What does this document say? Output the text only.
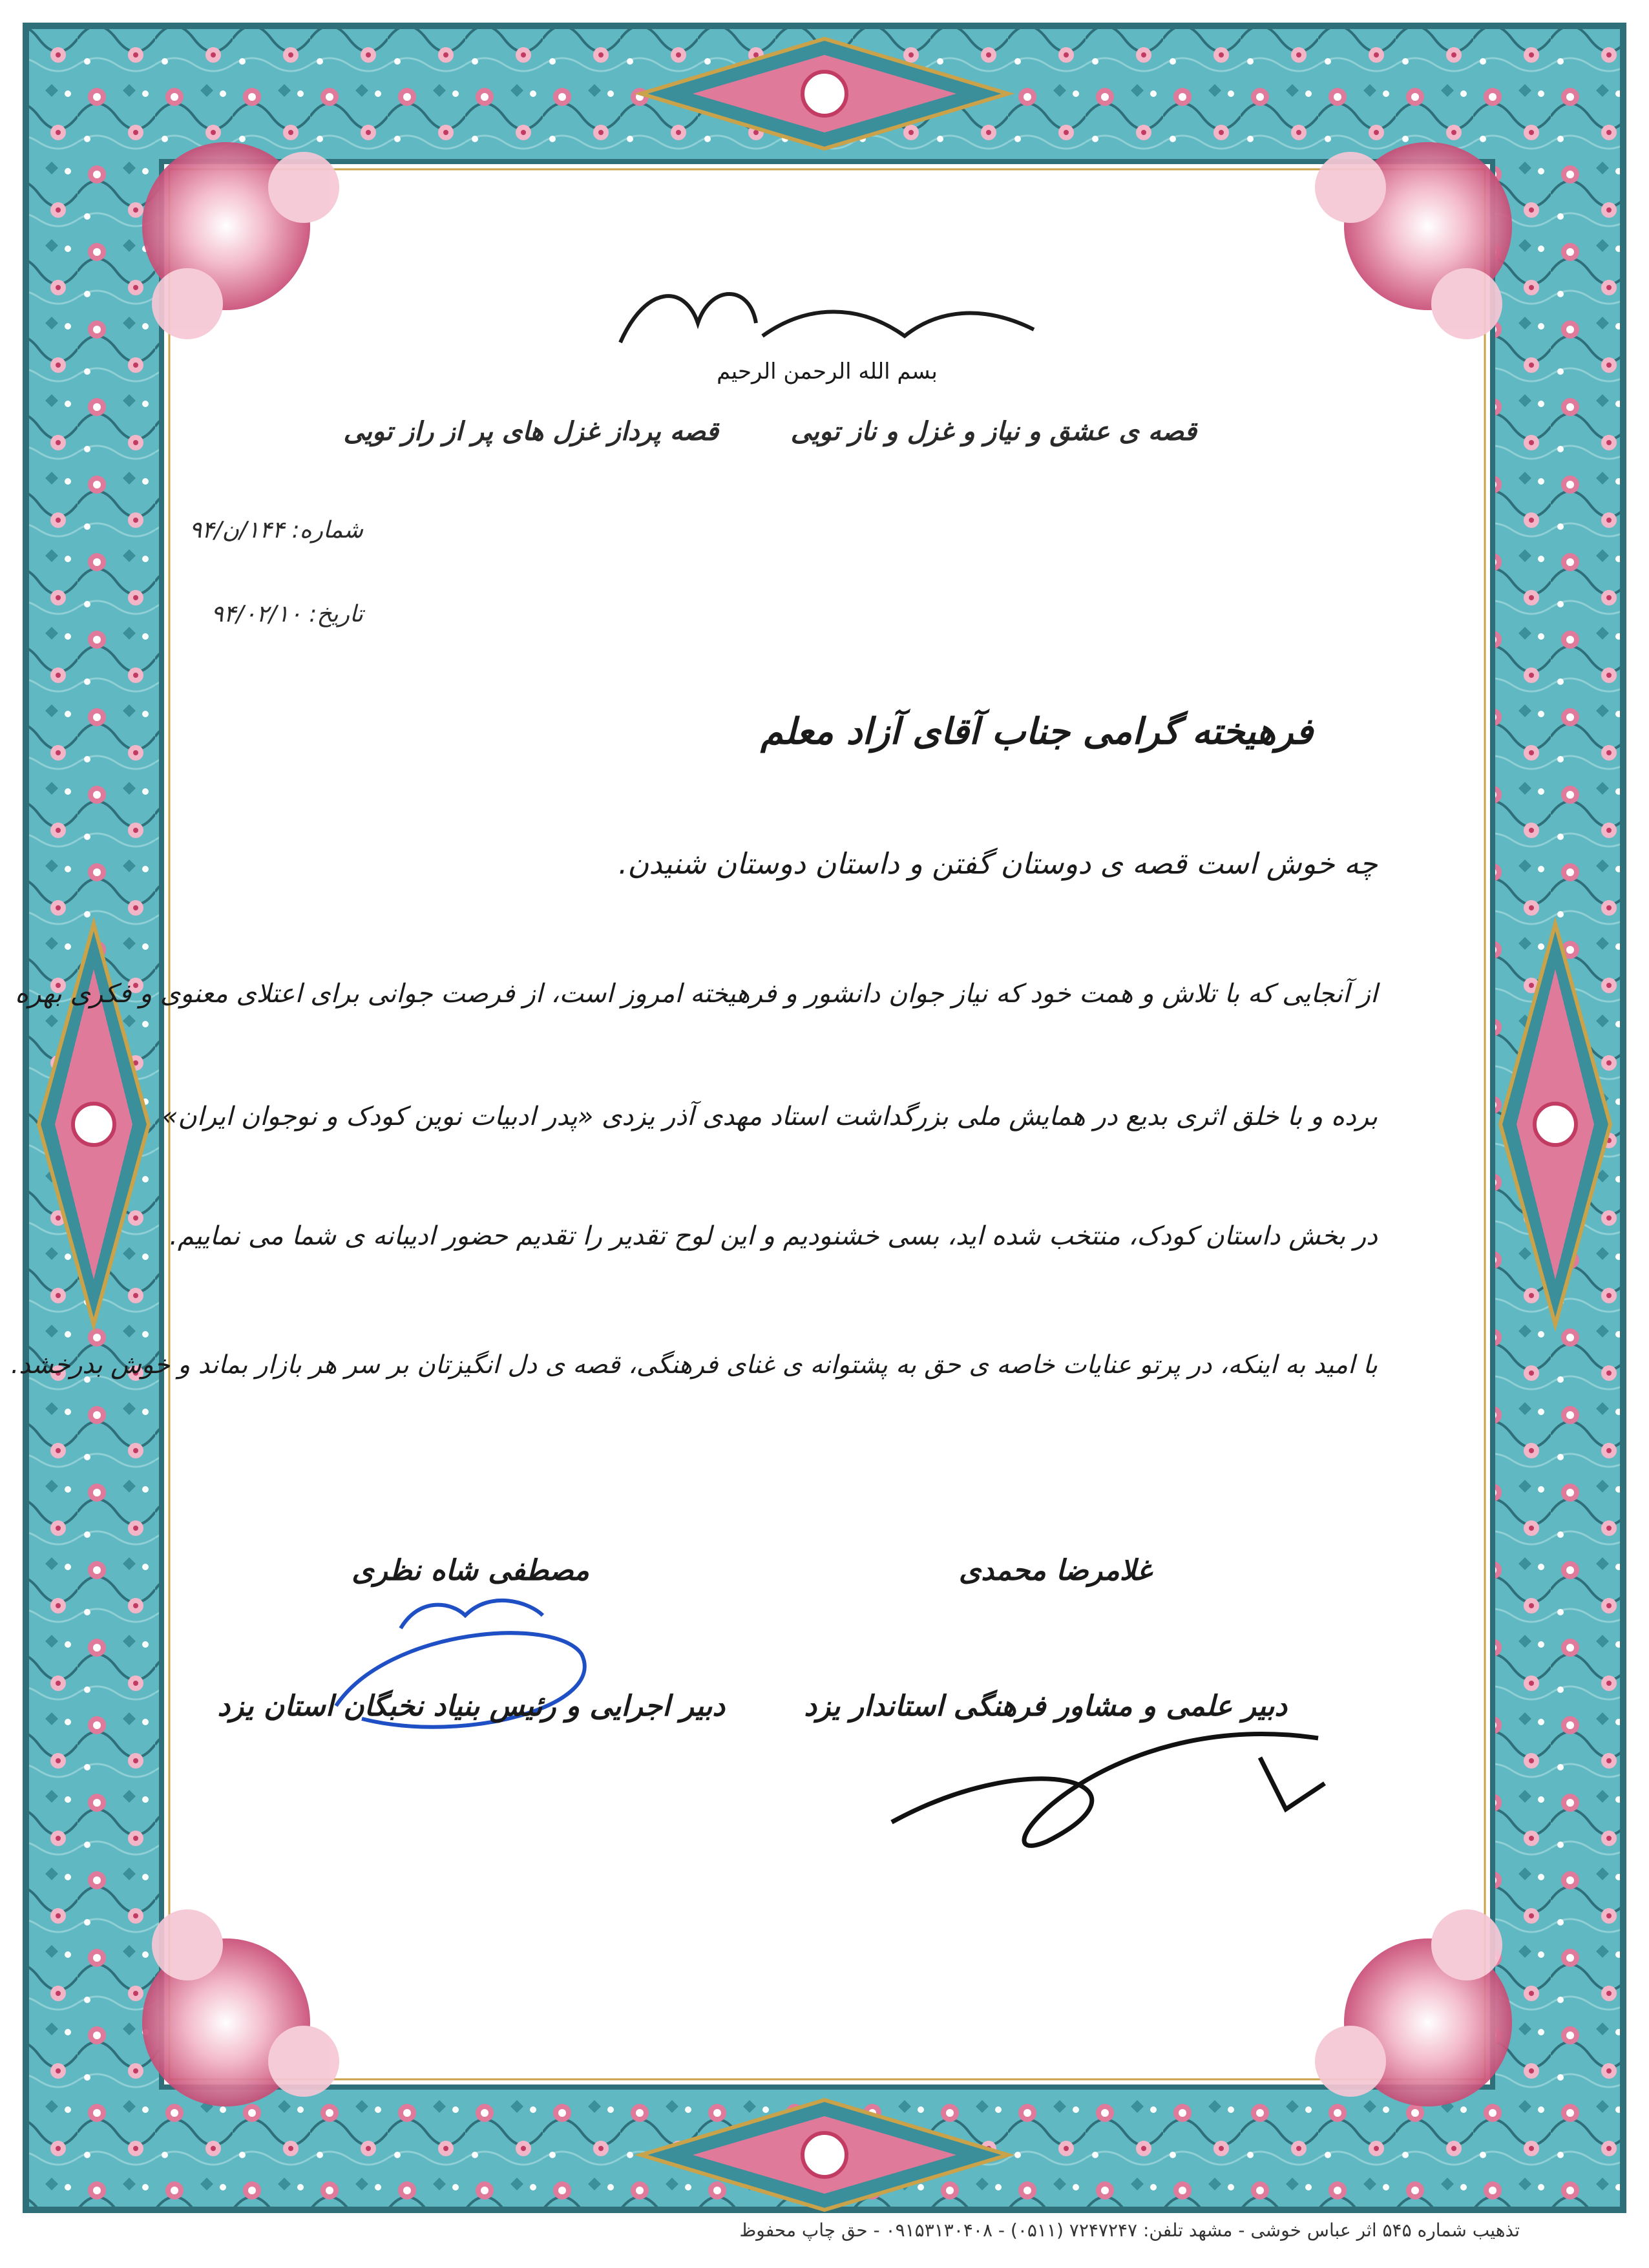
بسم الله الرحمن الرحیم
قصه ی عشق و نیاز و غزل و ناز تویی
قصه پرداز غزل های پر از راز تویی
شماره: ۱۴۴/ن/۹۴
تاریخ: ۹۴/۰۲/۱۰
فرهیخته گرامی جناب آقای آزاد معلم
چه خوش است قصه ی دوستان گفتن و داستان دوستان شنیدن.
از آنجایی که با تلاش و همت خود که نیاز جوان دانشور و فرهیخته امروز است، از فرصت جوانی برای اعتلای معنوی و فکری بهره
برده و با خلق اثری بدیع در همایش ملی بزرگداشت استاد مهدی آذر یزدی «پدر ادبیات نوین کودک و نوجوان ایران»
در بخش داستان کودک، منتخب شده اید، بسی خشنودیم و این لوح تقدیر را تقدیم حضور ادیبانه ی شما می نماییم.
با امید به اینکه، در پرتو عنایات خاصه ی حق به پشتوانه ی غنای فرهنگی، قصه ی دل انگیزتان بر سر هر بازار بماند و خوش بدرخشد.
غلامرضا محمدی
دبیر علمی و مشاور فرهنگی استاندار یزد
مصطفی شاه نظری
دبیر اجرایی و رئیس بنیاد نخبگان استان یزد
تذهیب شماره ۵۴۵ اثر عباس خوشی - مشهد تلفن: ۷۲۴۷۲۴۷ (۰۵۱۱) - ۰۹۱۵۳۱۳۰۴۰۸ - حق چاپ محفوظ
